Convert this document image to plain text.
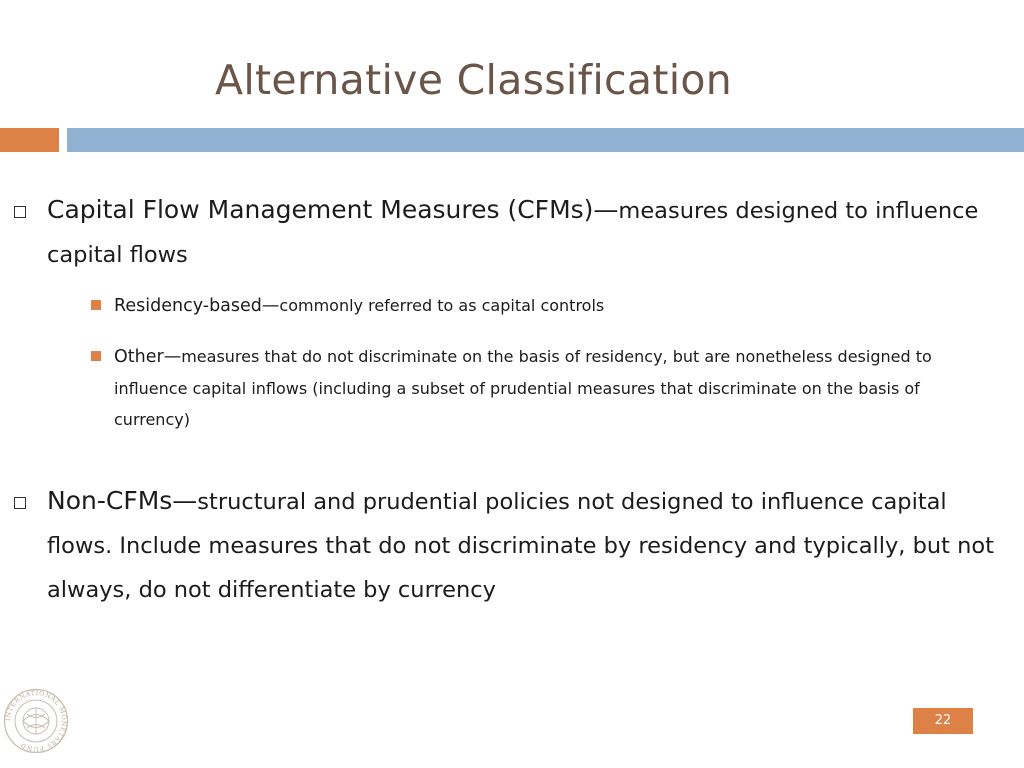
Alternative Classification
Capital Flow Management Measures (CFMs)—measures designed to influence capital flows
Residency-based—commonly referred to as capital controls
Other—measures that do not discriminate on the basis of residency, but are nonetheless designed to influence capital inflows (including a subset of prudential measures that discriminate on the basis of currency)
Non-CFMs—structural and prudential policies not designed to influence capital flows. Include measures that do not discriminate by residency and typically, but not always, do not differentiate by currency
INTERNATIONAL MONETARY FUND
22
